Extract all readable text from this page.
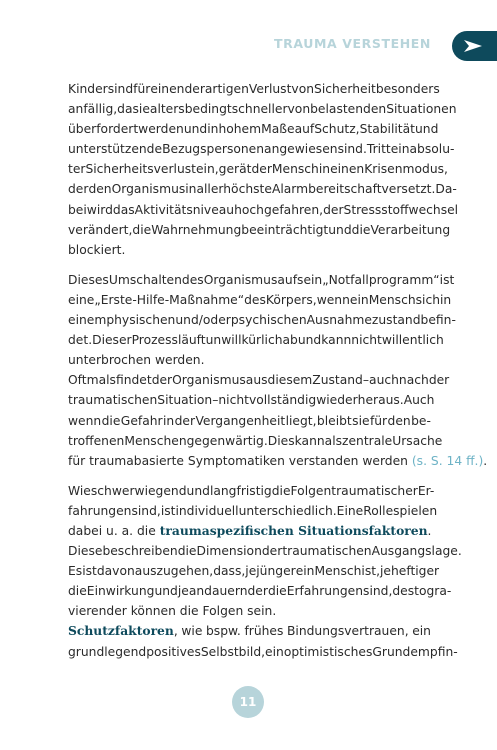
TRAUMA VERSTEHEN
Kinder sind für einen derartigen Verlust von Sicherheit besonders
anfällig, da sie altersbedingt schneller von belastenden Situationen
überfordert werden und in hohem Maße auf Schutz, Stabilität und
unterstützende Bezugspersonen angewiesen sind. Tritt ein absolu-
ter Sicherheitsverlust ein, gerät der Mensch in einen Krisenmodus,
der den Organismus in allerhöchste Alarmbereitschaft versetzt. Da-
bei wird das Aktivitätsniveau hochgefahren, der Stressstoffwechsel
verändert, die Wahrnehmung beeinträchtigt und die Verarbeitung
blockiert.
Dieses Umschalten des Organismus auf sein „Notfallprogramm“ ist
eine „Erste-Hilfe-Maßnahme“ des Körpers, wenn ein Mensch sich in
einem physischen und/oder psychischen Ausnahmezustand befin-
det. Dieser Prozess läuft unwillkürlich ab und kann nicht willentlich
unterbrochen werden.
Oftmals findet der Organismus aus diesem Zustand – auch nach der
traumatischen Situation – nicht vollständig wieder heraus. Auch
wenn die Gefahr in der Vergangenheit liegt, bleibt sie für den be-
troffenen Menschen gegenwärtig. Dies kann als zentrale Ursache
für traumabasierte Symptomatiken verstanden werden (s. S. 14 ff.) .
Wie schwerwiegend und langfristig die Folgen traumatischer Er-
fahrungen sind, ist individuell unterschiedlich. Eine Rolle spielen
dabei u. a. die traumaspezifischen Situationsfaktoren.
Diese beschreiben die Dimension der traumatischen Ausgangslage.
Es ist davon auszugehen, dass, je jünger ein Mensch ist, je heftiger
die Einwirkung und je andauernder die Erfahrungen sind, desto gra-
vierender können die Folgen sein.
Schutzfaktoren , wie bspw. frühes Bindungsvertrauen, ein
grundlegend positives Selbstbild, ein optimistisches Grundempfin-
11
